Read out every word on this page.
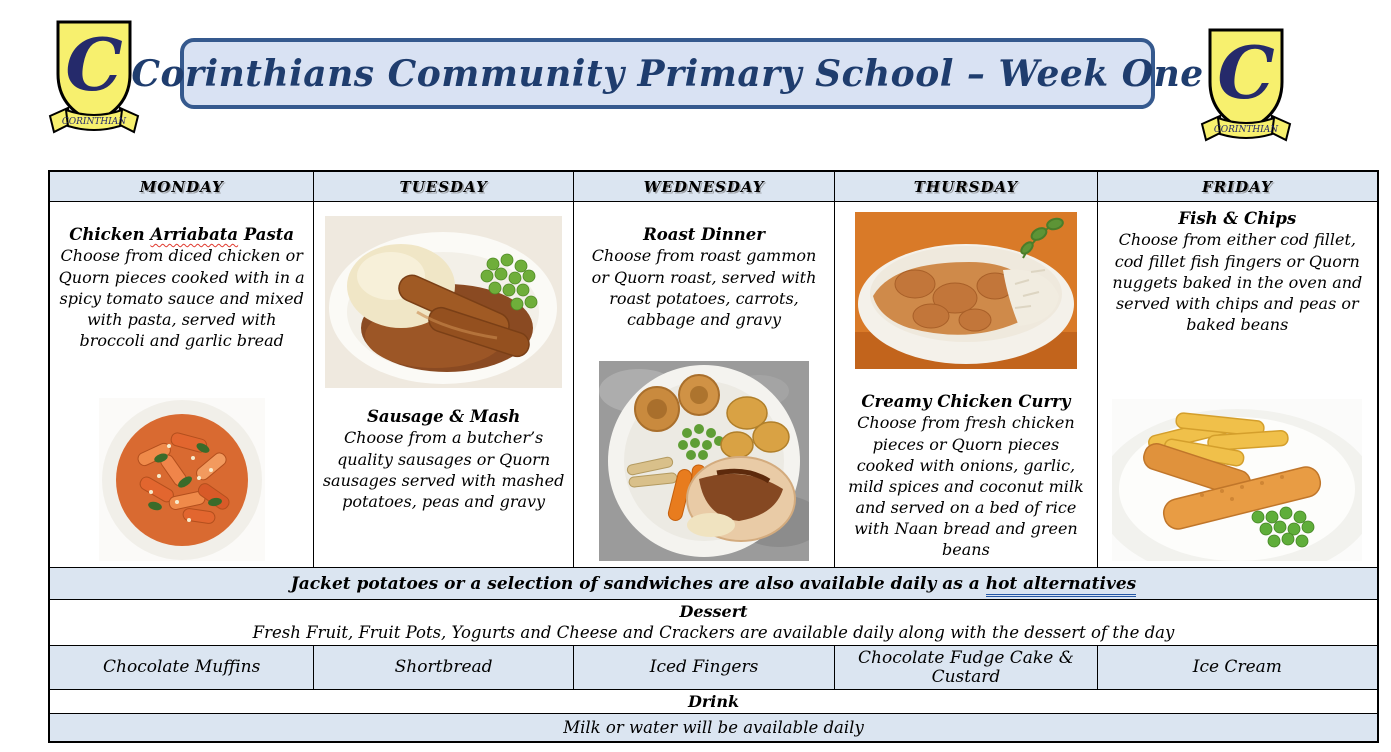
C
CORINTHIAN
Corinthians Community Primary School – Week One C
CORINTHIAN
MONDAY	TUESDAY	WEDNESDAY	THURSDAY	FRIDAY
Chicken Arriabata Pasta
Choose from diced chicken or Quorn pieces cooked with in a spicy tomato sauce and mixed with pasta, served with broccoli and garlic bread
Sausage & Mash
Choose from a butcher’s quality sausages or Quorn sausages served with mashed potatoes, peas and gravy
Roast Dinner
Choose from roast gammon or Quorn roast, served with roast potatoes, carrots, cabbage and gravy
Creamy Chicken Curry
Choose from fresh chicken pieces or Quorn pieces cooked with onions, garlic, mild spices and coconut milk and served on a bed of rice with Naan bread and green beans
Fish & Chips
Choose from either cod fillet, cod fillet fish fingers or Quorn nuggets baked in the oven and served with chips and peas or baked beans
Jacket potatoes or a selection of sandwiches are also available daily as a hot alternatives
Dessert
Fresh Fruit, Fruit Pots, Yogurts and Cheese and Crackers are available daily along with the dessert of the day
Chocolate Muffins	Shortbread	Iced Fingers	Chocolate Fudge Cake & Custard	Ice Cream
Drink
Milk or water will be available daily
